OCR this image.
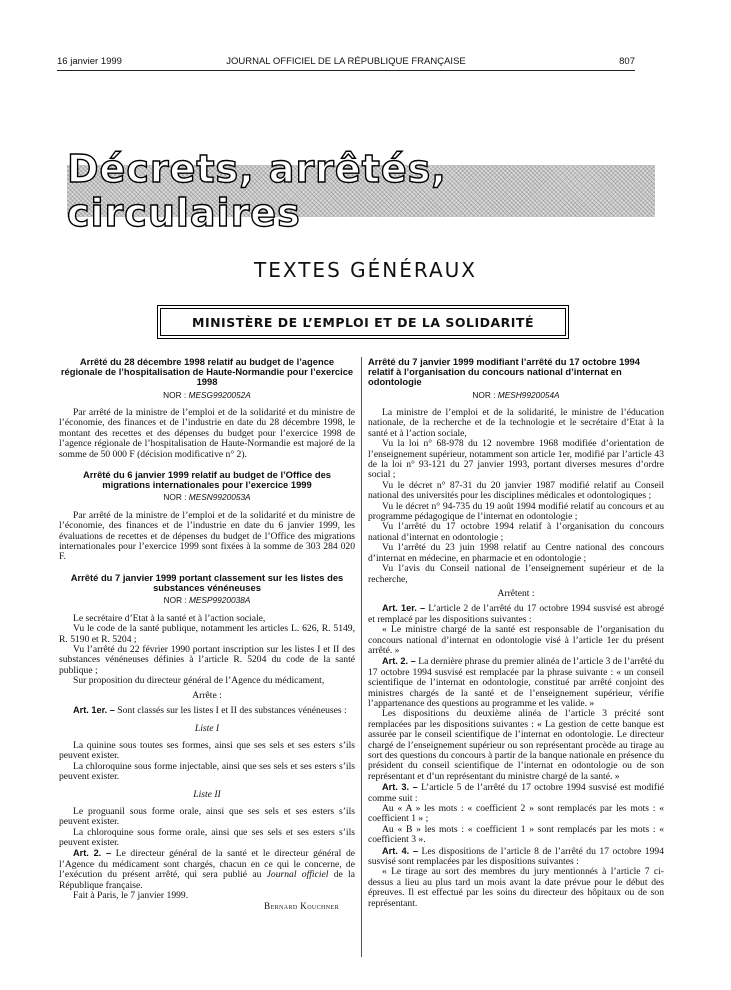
16 janvier 1999	JOURNAL OFFICIEL DE LA RÉPUBLIQUE FRANÇAISE	807
Décrets, arrêtés, circulaires
TEXTES GÉNÉRAUX
MINISTÈRE DE L’EMPLOI ET DE LA SOLIDARITÉ
Arrêté du 28 décembre 1998 relatif au budget de l’agence régionale de l’hospitalisation de Haute-Normandie pour l’exercice 1998
NOR : MESG9920052A

Par arrêté de la ministre de l’emploi et de la solidarité et du ministre de l’économie, des finances et de l’industrie en date du 28 décembre 1998, le montant des recettes et des dépenses du budget pour l’exercice 1998 de l’agence régionale de l’hospitalisation de Haute-Normandie est majoré de la somme de 50 000 F (décision modificative n° 2).

Arrêté du 6 janvier 1999 relatif au budget de l’Office des migrations internationales pour l’exercice 1999
NOR : MESN9920053A

Par arrêté de la ministre de l’emploi et de la solidarité et du ministre de l’économie, des finances et de l’industrie en date du 6 janvier 1999, les évaluations de recettes et de dépenses du budget de l’Office des migrations internationales pour l’exercice 1999 sont fixées à la somme de 303 284 020 F.

Arrêté du 7 janvier 1999 portant classement sur les listes des substances vénéneuses
NOR : MESP9920038A

Le secrétaire d’Etat à la santé et à l’action sociale,

Vu le code de la santé publique, notamment les articles L. 626, R. 5149, R. 5190 et R. 5204 ;

Vu l’arrêté du 22 février 1990 portant inscription sur les listes I et II des substances vénéneuses définies à l’article R. 5204 du code de la santé publique ;

Sur proposition du directeur général de l’Agence du médicament,

Arrête :

Art. 1er. – Sont classés sur les listes I et II des substances vénéneuses :

Liste I

La quinine sous toutes ses formes, ainsi que ses sels et ses esters s’ils peuvent exister.

La chloroquine sous forme injectable, ainsi que ses sels et ses esters s’ils peuvent exister.

Liste II

Le proguanil sous forme orale, ainsi que ses sels et ses esters s’ils peuvent exister.

La chloroquine sous forme orale, ainsi que ses sels et ses esters s’ils peuvent exister.

Art. 2. – Le directeur général de la santé et le directeur général de l’Agence du médicament sont chargés, chacun en ce qui le concerne, de l’exécution du présent arrêté, qui sera publié au Journal officiel de la République française.

Fait à Paris, le 7 janvier 1999.

Bernard Kouchner

Arrêté du 7 janvier 1999 modifiant l’arrêté du 17 octobre 1994 relatif à l’organisation du concours national d’internat en odontologie
NOR : MESH9920054A

La ministre de l’emploi et de la solidarité, le ministre de l’éducation nationale, de la recherche et de la technologie et le secrétaire d’Etat à la santé et à l’action sociale,

Vu la loi n° 68-978 du 12 novembre 1968 modifiée d’orientation de l’enseignement supérieur, notamment son article 1er, modifié par l’article 43 de la loi n° 93-121 du 27 janvier 1993, portant diverses mesures d’ordre social ;

Vu le décret n° 87-31 du 20 janvier 1987 modifié relatif au Conseil national des universités pour les disciplines médicales et odontologiques ;

Vu le décret n° 94-735 du 19 août 1994 modifié relatif au concours et au programme pédagogique de l’internat en odontologie ;

Vu l’arrêté du 17 octobre 1994 relatif à l’organisation du concours national d’internat en odontologie ;

Vu l’arrêté du 23 juin 1998 relatif au Centre national des concours d’internat en médecine, en pharmacie et en odontologie ;

Vu l’avis du Conseil national de l’enseignement supérieur et de la recherche,

Arrêtent :

Art. 1er. – L’article 2 de l’arrêté du 17 octobre 1994 susvisé est abrogé et remplacé par les dispositions suivantes :

« Le ministre chargé de la santé est responsable de l’organisation du concours national d’internat en odontologie visé à l’article 1er du présent arrêté. »

Art. 2. – La dernière phrase du premier alinéa de l’article 3 de l’arrêté du 17 octobre 1994 susvisé est remplacée par la phrase suivante : « un conseil scientifique de l’internat en odontologie, constitué par arrêté conjoint des ministres chargés de la santé et de l’enseignement supérieur, vérifie l’appartenance des questions au programme et les valide. »

Les dispositions du deuxième alinéa de l’article 3 précité sont remplacées par les dispositions suivantes : « La gestion de cette banque est assurée par le conseil scientifique de l’internat en odontologie. Le directeur chargé de l’enseignement supérieur ou son représentant procède au tirage au sort des questions du concours à partir de la banque nationale en présence du président du conseil scientifique de l’internat en odontologie ou de son représentant et d’un représentant du ministre chargé de la santé. »

Art. 3. – L’article 5 de l’arrêté du 17 octobre 1994 susvisé est modifié comme suit :

Au « A » les mots : « coefficient 2 » sont remplacés par les mots : « coefficient 1 » ;

Au « B » les mots : « coefficient 1 » sont remplacés par les mots : « coefficient 3 ».

Art. 4. – Les dispositions de l’article 8 de l’arrêté du 17 octobre 1994 susvisé sont remplacées par les dispositions suivantes :

« Le tirage au sort des membres du jury mentionnés à l’article 7 ci-dessus a lieu au plus tard un mois avant la date prévue pour le début des épreuves. Il est effectué par les soins du directeur des hôpitaux ou de son représentant.
